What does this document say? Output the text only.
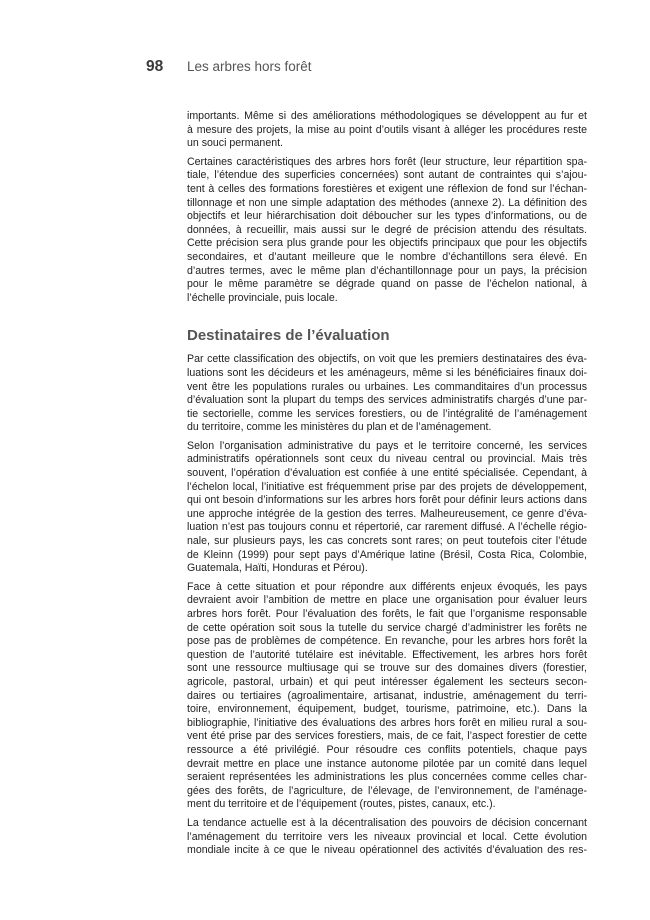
98 Les arbres hors forêt

importants. Même si des améliorations méthodologiques se développent au fur et
à mesure des projets, la mise au point d’outils visant à alléger les procédures reste
un souci permanent.

Certaines caractéristiques des arbres hors forêt (leur structure, leur répartition spa-
tiale, l’étendue des superficies concernées) sont autant de contraintes qui s’ajou-
tent à celles des formations forestières et exigent une réflexion de fond sur l’échan-
tillonnage et non une simple adaptation des méthodes (annexe 2). La définition des
objectifs et leur hiérarchisation doit déboucher sur les types d’informations, ou de
données, à recueillir, mais aussi sur le degré de précision attendu des résultats.
Cette précision sera plus grande pour les objectifs principaux que pour les objectifs
secondaires, et d’autant meilleure que le nombre d’échantillons sera élevé. En
d’autres termes, avec le même plan d’échantillonnage pour un pays, la précision
pour le même paramètre se dégrade quand on passe de l’échelon national, à
l’échelle provinciale, puis locale.

Destinataires de l’évaluation

Par cette classification des objectifs, on voit que les premiers destinataires des éva-
luations sont les décideurs et les aménageurs, même si les bénéficiaires finaux doi-
vent être les populations rurales ou urbaines. Les commanditaires d’un processus
d’évaluation sont la plupart du temps des services administratifs chargés d’une par-
tie sectorielle, comme les services forestiers, ou de l’intégralité de l’aménagement
du territoire, comme les ministères du plan et de l’aménagement.

Selon l’organisation administrative du pays et le territoire concerné, les services
administratifs opérationnels sont ceux du niveau central ou provincial. Mais très
souvent, l’opération d’évaluation est confiée à une entité spécialisée. Cependant, à
l’échelon local, l’initiative est fréquemment prise par des projets de développement,
qui ont besoin d’informations sur les arbres hors forêt pour définir leurs actions dans
une approche intégrée de la gestion des terres. Malheureusement, ce genre d’éva-
luation n’est pas toujours connu et répertorié, car rarement diffusé. A l’échelle régio-
nale, sur plusieurs pays, les cas concrets sont rares; on peut toutefois citer l’étude
de Kleinn (1999) pour sept pays d’Amérique latine (Brésil, Costa Rica, Colombie,
Guatemala, Haïti, Honduras et Pérou).

Face à cette situation et pour répondre aux différents enjeux évoqués, les pays
devraient avoir l’ambition de mettre en place une organisation pour évaluer leurs
arbres hors forêt. Pour l’évaluation des forêts, le fait que l’organisme responsable
de cette opération soit sous la tutelle du service chargé d’administrer les forêts ne
pose pas de problèmes de compétence. En revanche, pour les arbres hors forêt la
question de l’autorité tutélaire est inévitable. Effectivement, les arbres hors forêt
sont une ressource multiusage qui se trouve sur des domaines divers (forestier,
agricole, pastoral, urbain) et qui peut intéresser également les secteurs secon-
daires ou tertiaires (agroalimentaire, artisanat, industrie, aménagement du terri-
toire, environnement, équipement, budget, tourisme, patrimoine, etc.). Dans la
bibliographie, l’initiative des évaluations des arbres hors forêt en milieu rural a sou-
vent été prise par des services forestiers, mais, de ce fait, l’aspect forestier de cette
ressource a été privilégié. Pour résoudre ces conflits potentiels, chaque pays
devrait mettre en place une instance autonome pilotée par un comité dans lequel
seraient représentées les administrations les plus concernées comme celles char-
gées des forêts, de l’agriculture, de l’élevage, de l’environnement, de l’aménage-
ment du territoire et de l’équipement (routes, pistes, canaux, etc.).

La tendance actuelle est à la décentralisation des pouvoirs de décision concernant
l’aménagement du territoire vers les niveaux provincial et local. Cette évolution
mondiale incite à ce que le niveau opérationnel des activités d’évaluation des res-
